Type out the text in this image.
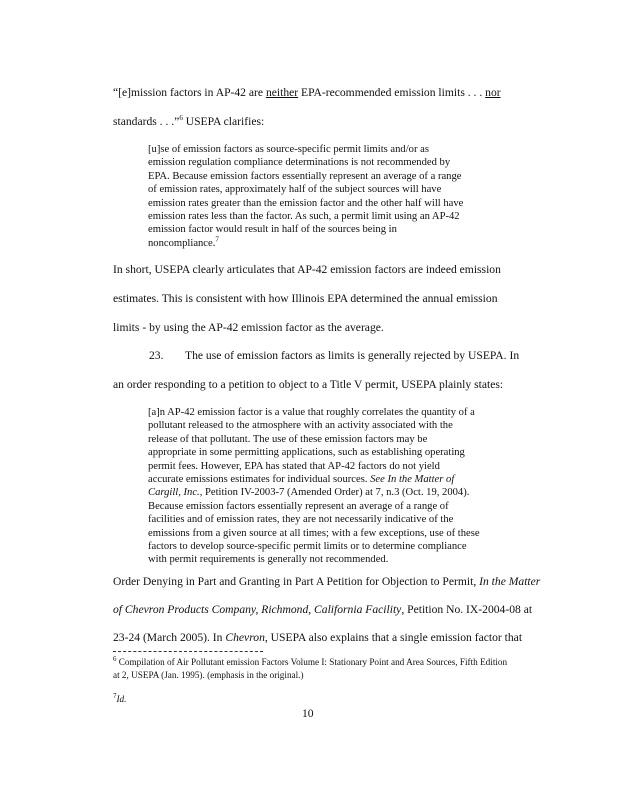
“[e]mission factors in AP-42 are neither EPA-recommended emission limits . . . nor
standards . . .”$^6$ USEPA clarifies:
[u]se of emission factors as source-specific permit limits and/or as
emission regulation compliance determinations is not recommended by
EPA. Because emission factors essentially represent an average of a range
of emission rates, approximately half of the subject sources will have
emission rates greater than the emission factor and the other half will have
emission rates less than the factor. As such, a permit limit using an AP-42
emission factor would result in half of the sources being in
noncompliance.$^7$
In short, USEPA clearly articulates that AP-42 emission factors are indeed emission
estimates. This is consistent with how Illinois EPA determined the annual emission
limits - by using the AP-42 emission factor as the average.
23. The use of emission factors as limits is generally rejected by USEPA. In
an order responding to a petition to object to a Title V permit, USEPA plainly states:
[a]n AP-42 emission factor is a value that roughly correlates the quantity of a
pollutant released to the atmosphere with an activity associated with the
release of that pollutant. The use of these emission factors may be
appropriate in some permitting applications, such as establishing operating
permit fees. However, EPA has stated that AP-42 factors do not yield
accurate emissions estimates for individual sources. See In the Matter of
Cargill, Inc., Petition IV-2003-7 (Amended Order) at 7, n.3 (Oct. 19, 2004).
Because emission factors essentially represent an average of a range of
facilities and of emission rates, they are not necessarily indicative of the
emissions from a given source at all times; with a few exceptions, use of these
factors to develop source-specific permit limits or to determine compliance
with permit requirements is generally not recommended.
Order Denying in Part and Granting in Part A Petition for Objection to Permit, In the Matter
of Chevron Products Company, Richmond, California Facility, Petition No. IX-2004-08 at
23-24 (March 2005). In Chevron, USEPA also explains that a single emission factor that
$^6$ Compilation of Air Pollutant emission Factors Volume I: Stationary Point and Area Sources, Fifth Edition
at 2, USEPA (Jan. 1995). (emphasis in the original.)
$^7$Id.
10
